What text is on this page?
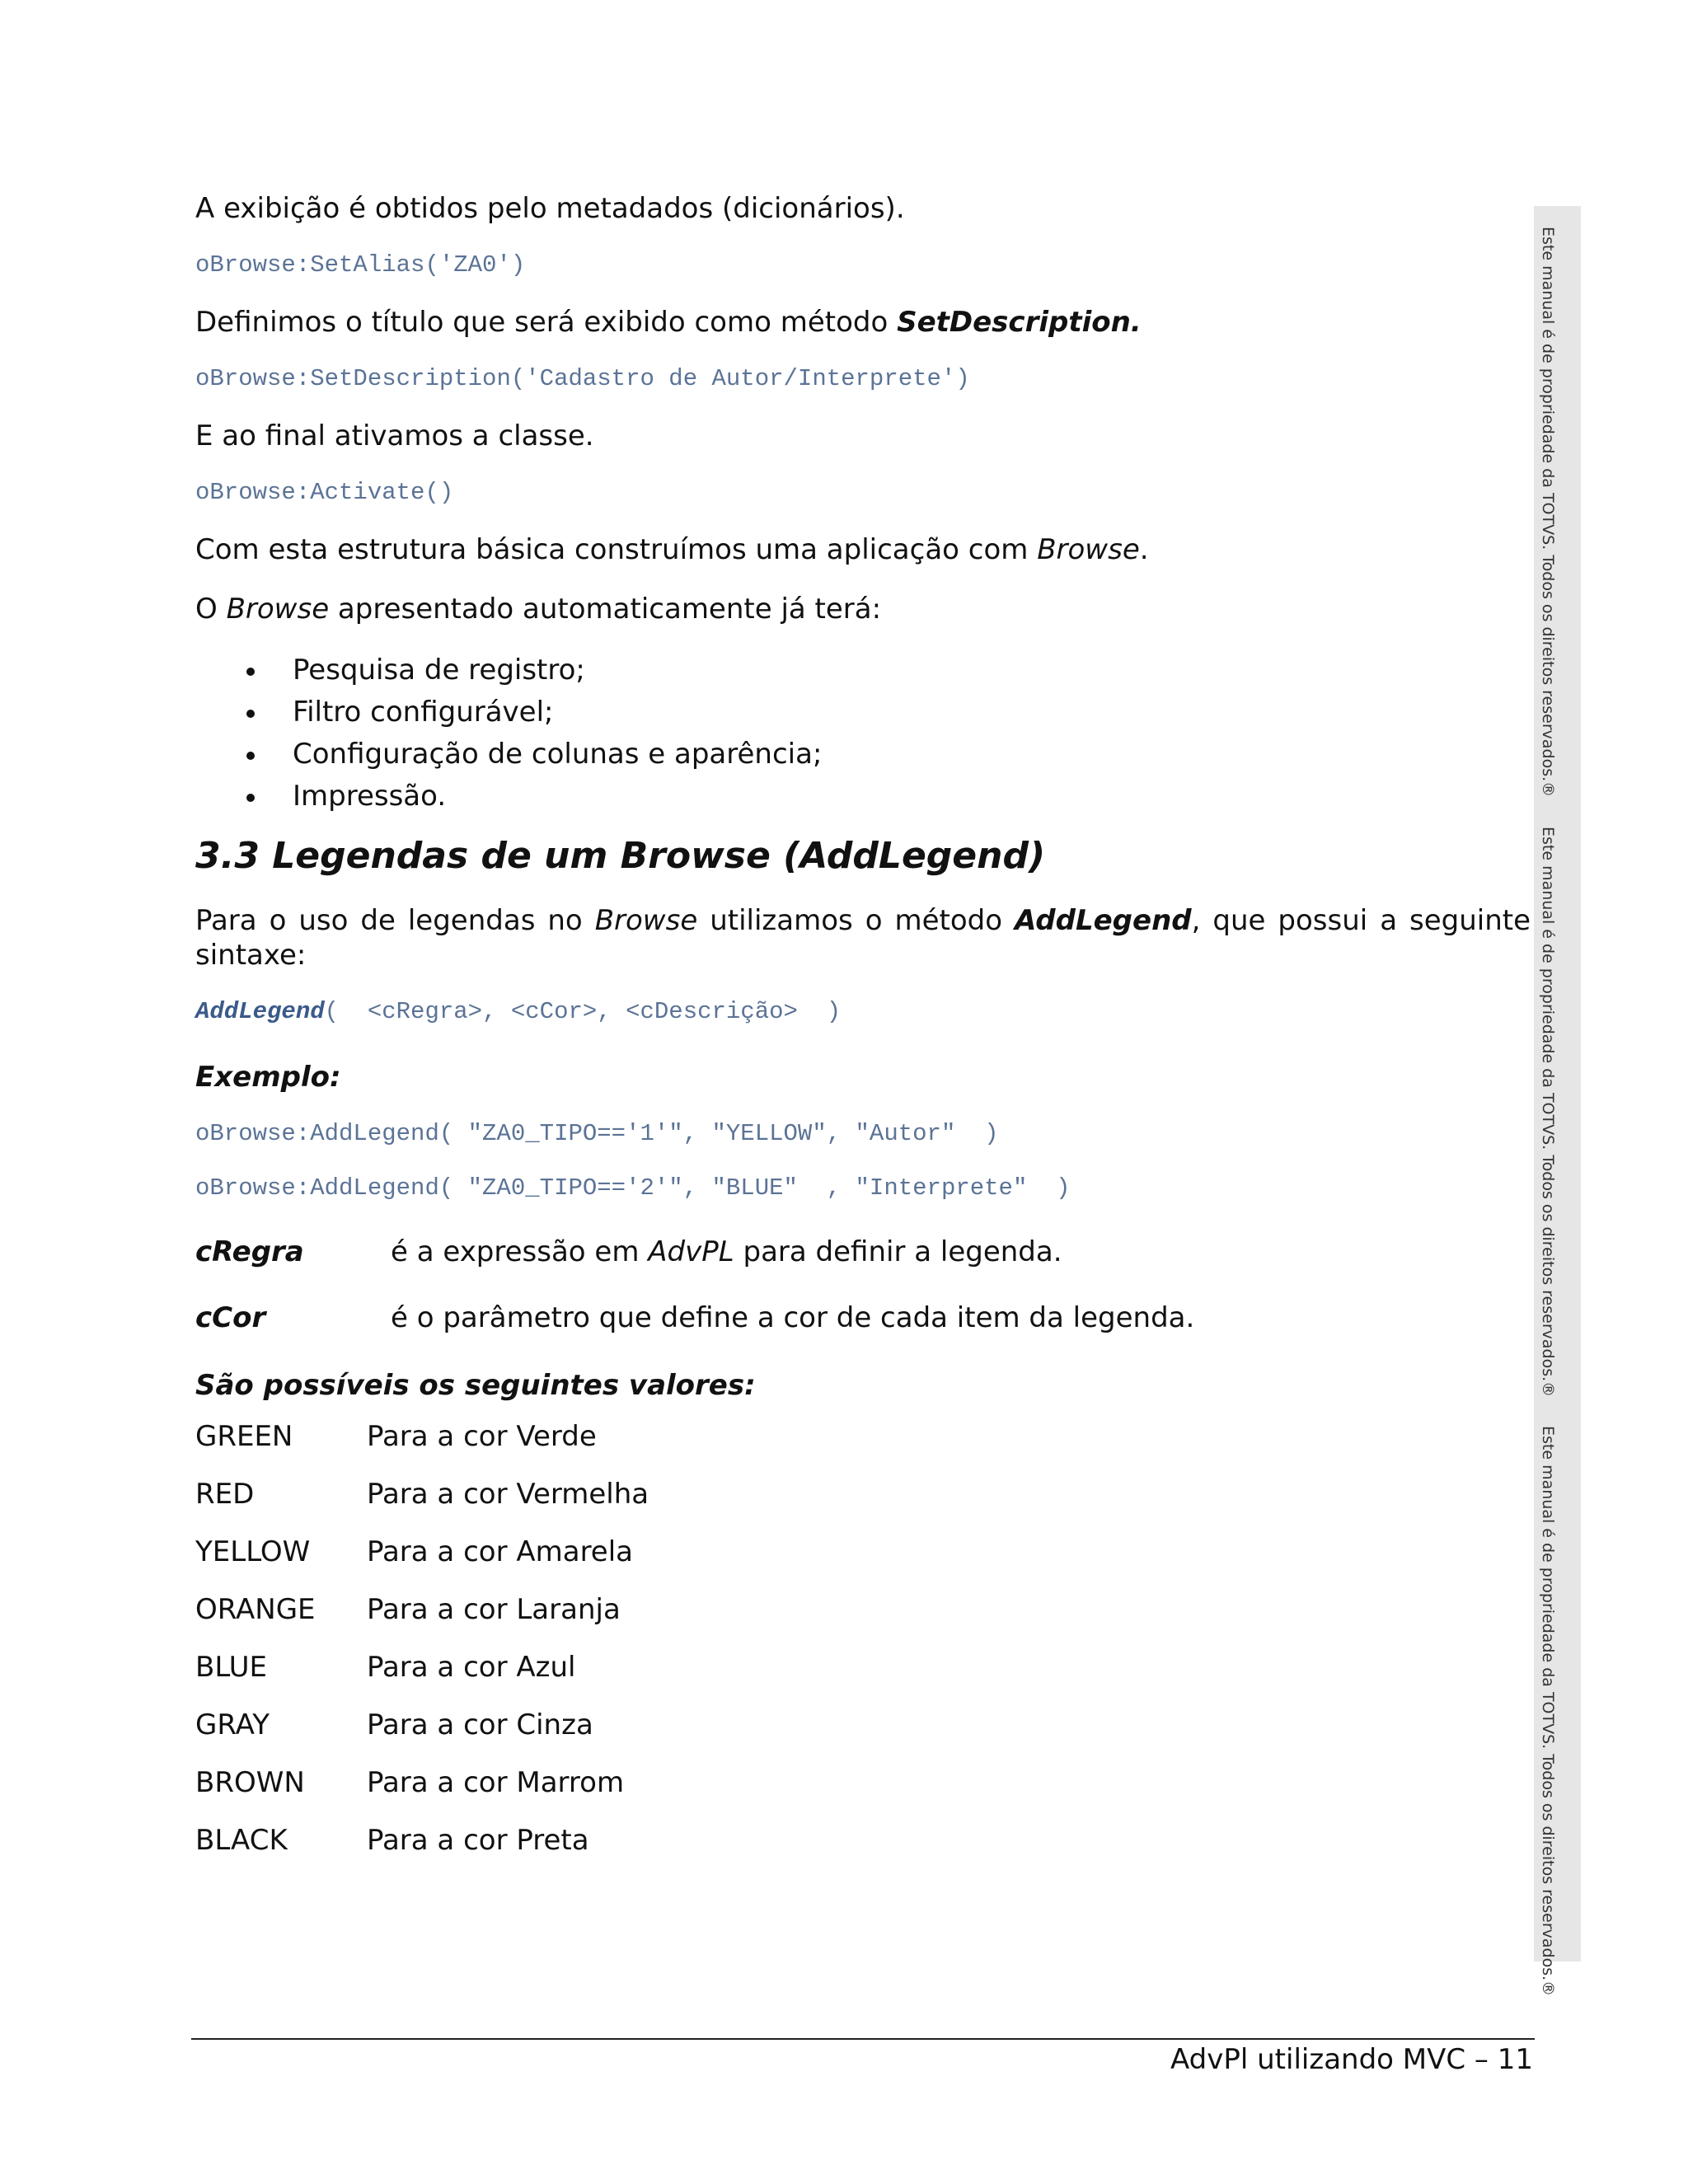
A exibição é obtidos pelo metadados (dicionários).

oBrowse:SetAlias('ZA0')

Definimos o título que será exibido como método SetDescription.

oBrowse:SetDescription('Cadastro de Autor/Interprete')

E ao final ativamos a classe.

oBrowse:Activate()

Com esta estrutura básica construímos uma aplicação com Browse.

O Browse apresentado automaticamente já terá:

Pesquisa de registro;
Filtro configurável;
Configuração de colunas e aparência;
Impressão.
3.3 Legendas de um Browse (AddLegend)

Para o uso de legendas no Browse utilizamos o método AddLegend, que possui a seguinte sintaxe:

AddLegend(  <cRegra>, <cCor>, <cDescrição>  )

Exemplo:

oBrowse:AddLegend( "ZA0_TIPO=='1'", "YELLOW", "Autor"  )

oBrowse:AddLegend( "ZA0_TIPO=='2'", "BLUE"  , "Interprete"  )

cRegra	é a expressão em AdvPL para definir a legenda.
cCor	é o parâmetro que define a cor de cada item da legenda.

São possíveis os seguintes valores:

GREEN	Para a cor Verde
RED	Para a cor Vermelha
YELLOW	Para a cor Amarela
ORANGE	Para a cor Laranja
BLUE	Para a cor Azul
GRAY	Para a cor Cinza
BROWN	Para a cor Marrom
BLACK	Para a cor Preta
Este manual é de propriedade da TOTVS. Todos os direitos reservados.®
Este manual é de propriedade da TOTVS. Todos os direitos reservados.®
Este manual é de propriedade da TOTVS. Todos os direitos reservados.®
AdvPl utilizando MVC – 11
